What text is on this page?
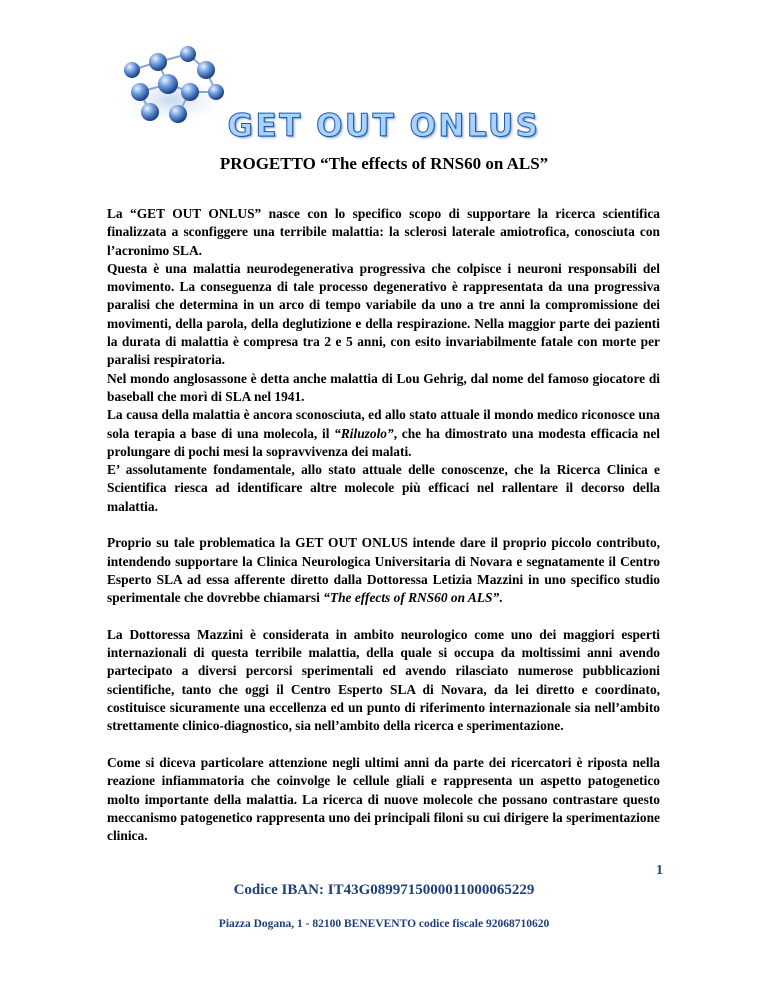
GET OUT ONLUS
PROGETTO “The effects of RNS60 on ALS”

La “GET OUT ONLUS” nasce con lo specifico scopo di supportare la ricerca scientifica finalizzata a sconfiggere una terribile malattia: la sclerosi laterale amiotrofica, conosciuta con l’acronimo SLA.
Questa è una malattia neurodegenerativa progressiva che colpisce i neuroni responsabili del movimento. La conseguenza di tale processo degenerativo è rappresentata da una progressiva paralisi che determina in un arco di tempo variabile da uno a tre anni la compromissione dei movimenti, della parola, della deglutizione e della respirazione. Nella maggior parte dei pazienti la durata di malattia è compresa tra 2 e 5 anni, con esito invariabilmente fatale con morte per paralisi respiratoria.
Nel mondo anglosassone è detta anche malattia di Lou Gehrig, dal nome del famoso giocatore di baseball che morì di SLA nel 1941.
La causa della malattia è ancora sconosciuta, ed allo stato attuale il mondo medico riconosce una sola terapia a base di una molecola, il “Riluzolo”, che ha dimostrato una modesta efficacia nel prolungare di pochi mesi la sopravvivenza dei malati.
E’ assolutamente fondamentale, allo stato attuale delle conoscenze, che la Ricerca Clinica e Scientifica riesca ad identificare altre molecole più efficaci nel rallentare il decorso della malattia.

Proprio su tale problematica la GET OUT ONLUS intende dare il proprio piccolo contributo, intendendo supportare la Clinica Neurologica Universitaria di Novara e segnatamente il Centro Esperto SLA ad essa afferente diretto dalla Dottoressa Letizia Mazzini in uno specifico studio sperimentale che dovrebbe chiamarsi “The effects of RNS60 on ALS”.

La Dottoressa Mazzini è considerata in ambito neurologico come uno dei maggiori esperti internazionali di questa terribile malattia, della quale si occupa da moltissimi anni avendo partecipato a diversi percorsi sperimentali ed avendo rilasciato numerose pubblicazioni scientifiche, tanto che oggi il Centro Esperto SLA di Novara, da lei diretto e coordinato, costituisce sicuramente una eccellenza ed un punto di riferimento internazionale sia nell’ambito strettamente clinico-diagnostico, sia nell’ambito della ricerca e sperimentazione.

Come si diceva particolare attenzione negli ultimi anni da parte dei ricercatori è riposta nella reazione infiammatoria che coinvolge le cellule gliali e rappresenta un aspetto patogenetico molto importante della malattia. La ricerca di nuove molecole che possano contrastare questo meccanismo patogenetico rappresenta uno dei principali filoni su cui dirigere la sperimentazione clinica.

1
Codice IBAN: IT43G0899715000011000065229
Piazza Dogana, 1 - 82100 BENEVENTO codice fiscale 92068710620
